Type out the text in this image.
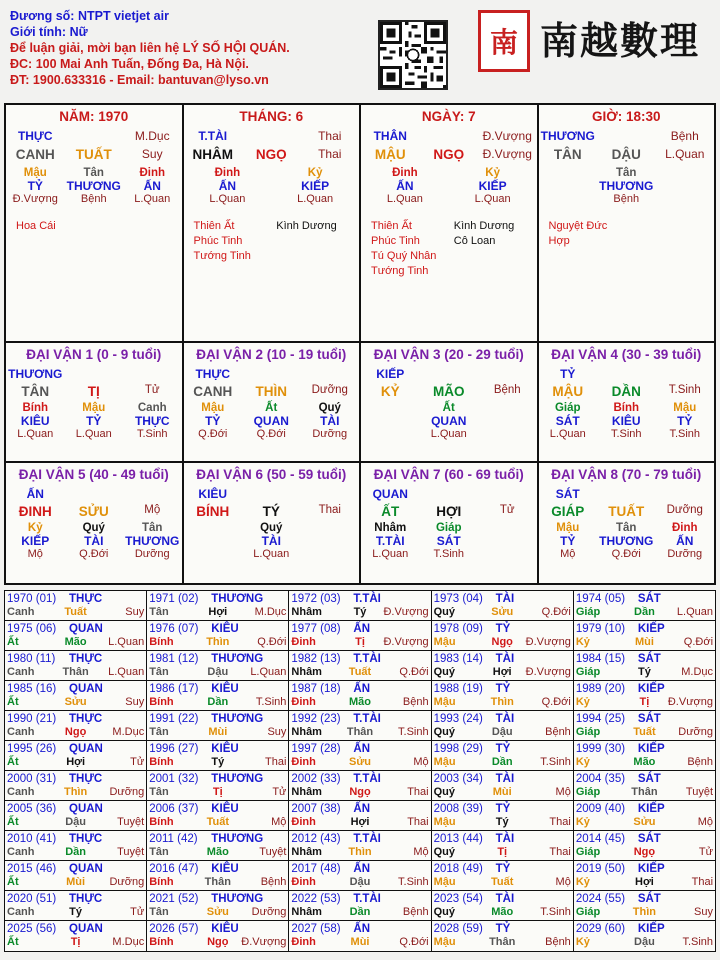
Đương số: NTPT vietjet air
Giới tính: Nữ
Để luận giải, mời bạn liên hệ LÝ SỐ HỘI QUÁN.
ĐC: 100 Mai Anh Tuấn, Đống Đa, Hà Nội.
ĐT: 1900.633316 - Email: bantuvan@lyso.vn
南 南越數理
NĂM: 1970
THỰC	M.Dục
CANH	TUẤT	Suy
Mậu	Tân	Đinh
TỶ	THƯƠNG	ẤN
Đ.Vượng	Bệnh	L.Quan
Hoa Cái
THÁNG: 6
T.TÀI	Thai
NHÂM	NGỌ	Thai
Đinh	Kỷ
ẤN	KIẾP
L.Quan	L.Quan
Thiên Ất
Phúc Tinh
Tướng Tinh
Kình Dương
NGÀY: 7
THÂN	Đ.Vượng
MẬU	NGỌ	Đ.Vượng
Đinh	Kỷ
ẤN	KIẾP
L.Quan	L.Quan
Thiên Ất
Phúc Tinh
Tú Quý Nhân
Tướng Tinh
Kình Dương
Cô Loan
GIỜ: 18:30
THƯƠNG	Bệnh
TÂN	DẬU	L.Quan
Tân
THƯƠNG
Bệnh
Nguyệt Đức Hợp
ĐẠI VẬN 1 (0 - 9 tuổi)
THƯƠNG
TÂN	TỊ	Tử
Bính	Mậu	Canh
KIÊU	TỶ	THỰC
L.Quan	L.Quan	T.Sinh
ĐẠI VẬN 2 (10 - 19 tuổi)
THỰC
CANH	THÌN	Dưỡng
Mậu	Ất	Quý
TỶ	QUAN	TÀI
Q.Đới	Q.Đới	Dưỡng
ĐẠI VẬN 3 (20 - 29 tuổi)
KIẾP
KỶ	MÃO	Bệnh
Ất
QUAN
L.Quan
ĐẠI VẬN 4 (30 - 39 tuổi)
TỶ
MẬU	DẦN	T.Sinh
Giáp	Bính	Mậu
SÁT	KIÊU	TỶ
L.Quan	T.Sinh	T.Sinh
ĐẠI VẬN 5 (40 - 49 tuổi)
ẤN
ĐINH	SỬU	Mộ
Kỷ	Quý	Tân
KIẾP	TÀI	THƯƠNG
Mộ	Q.Đới	Dưỡng
ĐẠI VẬN 6 (50 - 59 tuổi)
KIÊU
BÍNH	TÝ	Thai
Quý
TÀI
L.Quan
ĐẠI VẬN 7 (60 - 69 tuổi)
QUAN
ẤT	HỢI	Tử
Nhâm	Giáp
T.TÀI	SÁT
L.Quan	T.Sinh
ĐẠI VẬN 8 (70 - 79 tuổi)
SÁT
GIÁP	TUẤT	Dưỡng
Mậu	Tân	Đinh
TỶ	THƯƠNG	ẤN
Mộ	Q.Đới	Dưỡng
1970 (01)	THỰC
Canh	Tuất	Suy
1971 (02)	THƯƠNG
Tân	Hợi	M.Dục
1972 (03)	T.TÀI
Nhâm	Tý	Đ.Vượng
1973 (04)	TÀI
Quý	Sửu	Q.Đới
1974 (05)	SÁT
Giáp	Dần	L.Quan
1975 (06)	QUAN
Ất	Mão	L.Quan
1976 (07)	KIÊU
Bính	Thìn	Q.Đới
1977 (08)	ẤN
Đinh	Tị	Đ.Vượng
1978 (09)	TỶ
Mậu	Ngọ	Đ.Vượng
1979 (10)	KIẾP
Kỷ	Mùi	Q.Đới
1980 (11)	THỰC
Canh	Thân	L.Quan
1981 (12)	THƯƠNG
Tân	Dậu	L.Quan
1982 (13)	T.TÀI
Nhâm	Tuất	Q.Đới
1983 (14)	TÀI
Quý	Hợi	Đ.Vượng
1984 (15)	SÁT
Giáp	Tý	M.Dục
1985 (16)	QUAN
Ất	Sửu	Suy
1986 (17)	KIÊU
Bính	Dần	T.Sinh
1987 (18)	ẤN
Đinh	Mão	Bệnh
1988 (19)	TỶ
Mậu	Thìn	Q.Đới
1989 (20)	KIẾP
Kỷ	Tị	Đ.Vượng
1990 (21)	THỰC
Canh	Ngọ	M.Dục
1991 (22)	THƯƠNG
Tân	Mùi	Suy
1992 (23)	T.TÀI
Nhâm	Thân	T.Sinh
1993 (24)	TÀI
Quý	Dậu	Bệnh
1994 (25)	SÁT
Giáp	Tuất	Dưỡng
1995 (26)	QUAN
Ất	Hợi	Tử
1996 (27)	KIÊU
Bính	Tý	Thai
1997 (28)	ẤN
Đinh	Sửu	Mộ
1998 (29)	TỶ
Mậu	Dần	T.Sinh
1999 (30)	KIẾP
Kỷ	Mão	Bệnh
2000 (31)	THỰC
Canh	Thìn	Dưỡng
2001 (32)	THƯƠNG
Tân	Tị	Tử
2002 (33)	T.TÀI
Nhâm	Ngọ	Thai
2003 (34)	TÀI
Quý	Mùi	Mộ
2004 (35)	SÁT
Giáp	Thân	Tuyệt
2005 (36)	QUAN
Ất	Dậu	Tuyệt
2006 (37)	KIÊU
Bính	Tuất	Mộ
2007 (38)	ẤN
Đinh	Hợi	Thai
2008 (39)	TỶ
Mậu	Tý	Thai
2009 (40)	KIẾP
Kỷ	Sửu	Mộ
2010 (41)	THỰC
Canh	Dần	Tuyệt
2011 (42)	THƯƠNG
Tân	Mão	Tuyệt
2012 (43)	T.TÀI
Nhâm	Thìn	Mộ
2013 (44)	TÀI
Quý	Tị	Thai
2014 (45)	SÁT
Giáp	Ngọ	Tử
2015 (46)	QUAN
Ất	Mùi	Dưỡng
2016 (47)	KIÊU
Bính	Thân	Bệnh
2017 (48)	ẤN
Đinh	Dậu	T.Sinh
2018 (49)	TỶ
Mậu	Tuất	Mộ
2019 (50)	KIẾP
Kỷ	Hợi	Thai
2020 (51)	THỰC
Canh	Tý	Tử
2021 (52)	THƯƠNG
Tân	Sửu	Dưỡng
2022 (53)	T.TÀI
Nhâm	Dần	Bệnh
2023 (54)	TÀI
Quý	Mão	T.Sinh
2024 (55)	SÁT
Giáp	Thìn	Suy
2025 (56)	QUAN
Ất	Tị	M.Dục
2026 (57)	KIÊU
Bính	Ngọ	Đ.Vượng
2027 (58)	ẤN
Đinh	Mùi	Q.Đới
2028 (59)	TỶ
Mậu	Thân	Bệnh
2029 (60)	KIẾP
Kỷ	Dậu	T.Sinh
